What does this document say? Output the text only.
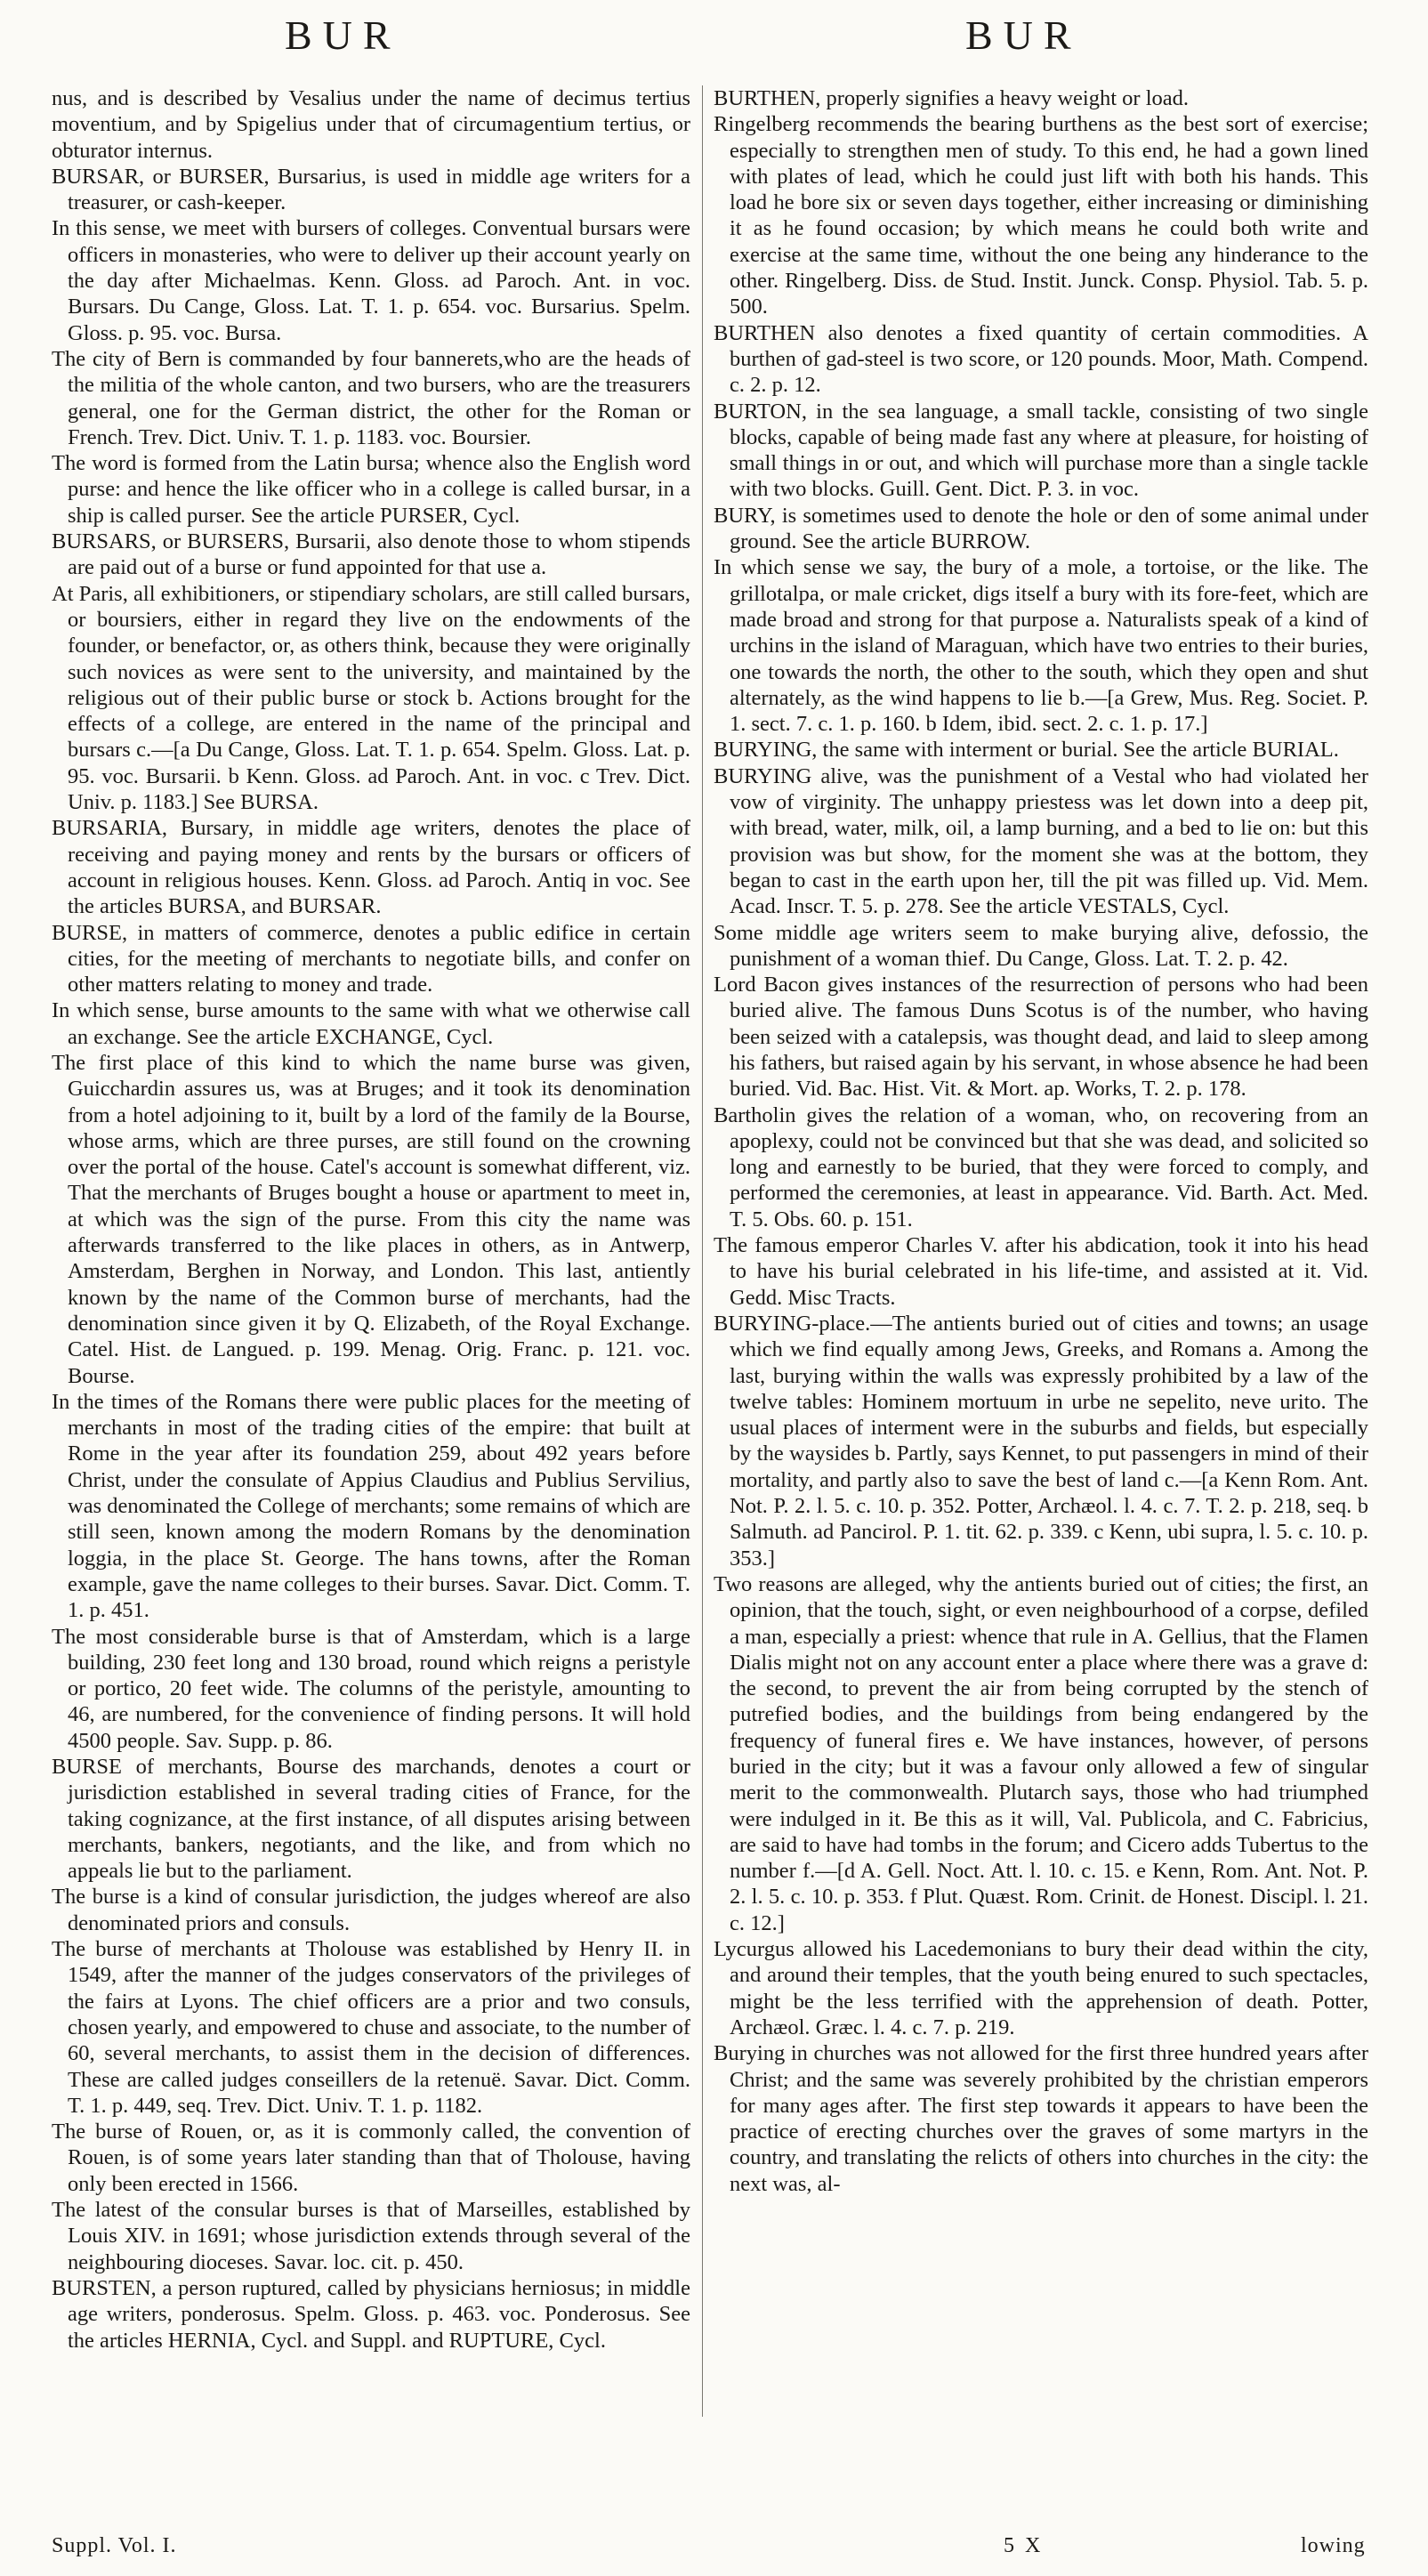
BUR	BUR

nus, and is described by Vesalius under the name of decimus tertius moventium, and by Spigelius under that of circumagentium tertius, or obturator internus.

BURSAR, or BURSER, Bursarius, is used in middle age writers for a treasurer, or cash-keeper.

In this sense, we meet with bursers of colleges. Conventual bursars were officers in monasteries, who were to deliver up their account yearly on the day after Michaelmas. Kenn. Gloss. ad Paroch. Ant. in voc. Bursars. Du Cange, Gloss. Lat. T. 1. p. 654. voc. Bursarius. Spelm. Gloss. p. 95. voc. Bursa.

The city of Bern is commanded by four bannerets,who are the heads of the militia of the whole canton, and two bursers, who are the treasurers general, one for the German district, the other for the Roman or French. Trev. Dict. Univ. T. 1. p. 1183. voc. Boursier.

The word is formed from the Latin bursa; whence also the English word purse: and hence the like officer who in a college is called bursar, in a ship is called purser. See the article PURSER, Cycl.

BURSARS, or BURSERS, Bursarii, also denote those to whom stipends are paid out of a burse or fund appointed for that use a.

At Paris, all exhibitioners, or stipendiary scholars, are still called bursars, or boursiers, either in regard they live on the endowments of the founder, or benefactor, or, as others think, because they were originally such novices as were sent to the university, and maintained by the religious out of their public burse or stock b. Actions brought for the effects of a college, are entered in the name of the principal and bursars c.—[a Du Cange, Gloss. Lat. T. 1. p. 654. Spelm. Gloss. Lat. p. 95. voc. Bursarii. b Kenn. Gloss. ad Paroch. Ant. in voc. c Trev. Dict. Univ. p. 1183.] See BURSA.

BURSARIA, Bursary, in middle age writers, denotes the place of receiving and paying money and rents by the bursars or officers of account in religious houses. Kenn. Gloss. ad Paroch. Antiq in voc. See the articles BURSA, and BURSAR.

BURSE, in matters of commerce, denotes a public edifice in certain cities, for the meeting of merchants to negotiate bills, and confer on other matters relating to money and trade.

In which sense, burse amounts to the same with what we otherwise call an exchange. See the article EXCHANGE, Cycl.

The first place of this kind to which the name burse was given, Guicchardin assures us, was at Bruges; and it took its denomination from a hotel adjoining to it, built by a lord of the family de la Bourse, whose arms, which are three purses, are still found on the crowning over the portal of the house. Catel's account is somewhat different, viz. That the merchants of Bruges bought a house or apartment to meet in, at which was the sign of the purse. From this city the name was afterwards transferred to the like places in others, as in Antwerp, Amsterdam, Berghen in Norway, and London. This last, antiently known by the name of the Common burse of merchants, had the denomination since given it by Q. Elizabeth, of the Royal Exchange. Catel. Hist. de Langued. p. 199. Menag. Orig. Franc. p. 121. voc. Bourse.

In the times of the Romans there were public places for the meeting of merchants in most of the trading cities of the empire: that built at Rome in the year after its foundation 259, about 492 years before Christ, under the consulate of Appius Claudius and Publius Servilius, was denominated the College of merchants; some remains of which are still seen, known among the modern Romans by the denomination loggia, in the place St. George. The hans towns, after the Roman example, gave the name colleges to their burses. Savar. Dict. Comm. T. 1. p. 451.

The most considerable burse is that of Amsterdam, which is a large building, 230 feet long and 130 broad, round which reigns a peristyle or portico, 20 feet wide. The columns of the peristyle, amounting to 46, are numbered, for the convenience of finding persons. It will hold 4500 people. Sav. Supp. p. 86.

BURSE of merchants, Bourse des marchands, denotes a court or jurisdiction established in several trading cities of France, for the taking cognizance, at the first instance, of all disputes arising between merchants, bankers, negotiants, and the like, and from which no appeals lie but to the parliament.

The burse is a kind of consular jurisdiction, the judges whereof are also denominated priors and consuls.

The burse of merchants at Tholouse was established by Henry II. in 1549, after the manner of the judges conservators of the privileges of the fairs at Lyons. The chief officers are a prior and two consuls, chosen yearly, and empowered to chuse and associate, to the number of 60, several merchants, to assist them in the decision of differences. These are called judges conseillers de la retenuë. Savar. Dict. Comm. T. 1. p. 449, seq. Trev. Dict. Univ. T. 1. p. 1182.

The burse of Rouen, or, as it is commonly called, the convention of Rouen, is of some years later standing than that of Tholouse, having only been erected in 1566.

The latest of the consular burses is that of Marseilles, established by Louis XIV. in 1691; whose jurisdiction extends through several of the neighbouring dioceses. Savar. loc. cit. p. 450.

BURSTEN, a person ruptured, called by physicians herniosus; in middle age writers, ponderosus. Spelm. Gloss. p. 463. voc. Ponderosus. See the articles HERNIA, Cycl. and Suppl. and RUPTURE, Cycl.

BURTHEN, properly signifies a heavy weight or load.

Ringelberg recommends the bearing burthens as the best sort of exercise; especially to strengthen men of study. To this end, he had a gown lined with plates of lead, which he could just lift with both his hands. This load he bore six or seven days together, either increasing or diminishing it as he found occasion; by which means he could both write and exercise at the same time, without the one being any hinderance to the other. Ringelberg. Diss. de Stud. Instit. Junck. Consp. Physiol. Tab. 5. p. 500.

BURTHEN also denotes a fixed quantity of certain commodities. A burthen of gad-steel is two score, or 120 pounds. Moor, Math. Compend. c. 2. p. 12.

BURTON, in the sea language, a small tackle, consisting of two single blocks, capable of being made fast any where at pleasure, for hoisting of small things in or out, and which will purchase more than a single tackle with two blocks. Guill. Gent. Dict. P. 3. in voc.

BURY, is sometimes used to denote the hole or den of some animal under ground. See the article BURROW.

In which sense we say, the bury of a mole, a tortoise, or the like. The grillotalpa, or male cricket, digs itself a bury with its fore-feet, which are made broad and strong for that purpose a. Naturalists speak of a kind of urchins in the island of Maraguan, which have two entries to their buries, one towards the north, the other to the south, which they open and shut alternately, as the wind happens to lie b.—[a Grew, Mus. Reg. Societ. P. 1. sect. 7. c. 1. p. 160. b Idem, ibid. sect. 2. c. 1. p. 17.]

BURYING, the same with interment or burial. See the article BURIAL.

BURYING alive, was the punishment of a Vestal who had violated her vow of virginity. The unhappy priestess was let down into a deep pit, with bread, water, milk, oil, a lamp burning, and a bed to lie on: but this provision was but show, for the moment she was at the bottom, they began to cast in the earth upon her, till the pit was filled up. Vid. Mem. Acad. Inscr. T. 5. p. 278. See the article VESTALS, Cycl.

Some middle age writers seem to make burying alive, defossio, the punishment of a woman thief. Du Cange, Gloss. Lat. T. 2. p. 42.

Lord Bacon gives instances of the resurrection of persons who had been buried alive. The famous Duns Scotus is of the number, who having been seized with a catalepsis, was thought dead, and laid to sleep among his fathers, but raised again by his servant, in whose absence he had been buried. Vid. Bac. Hist. Vit. & Mort. ap. Works, T. 2. p. 178.

Bartholin gives the relation of a woman, who, on recovering from an apoplexy, could not be convinced but that she was dead, and solicited so long and earnestly to be buried, that they were forced to comply, and performed the ceremonies, at least in appearance. Vid. Barth. Act. Med. T. 5. Obs. 60. p. 151.

The famous emperor Charles V. after his abdication, took it into his head to have his burial celebrated in his life-time, and assisted at it. Vid. Gedd. Misc Tracts.

BURYING-place.—The antients buried out of cities and towns; an usage which we find equally among Jews, Greeks, and Romans a. Among the last, burying within the walls was expressly prohibited by a law of the twelve tables: Hominem mortuum in urbe ne sepelito, neve urito. The usual places of interment were in the suburbs and fields, but especially by the waysides b. Partly, says Kennet, to put passengers in mind of their mortality, and partly also to save the best of land c.—[a Kenn Rom. Ant. Not. P. 2. l. 5. c. 10. p. 352. Potter, Archæol. l. 4. c. 7. T. 2. p. 218, seq. b Salmuth. ad Pancirol. P. 1. tit. 62. p. 339. c Kenn, ubi supra, l. 5. c. 10. p. 353.]

Two reasons are alleged, why the antients buried out of cities; the first, an opinion, that the touch, sight, or even neighbourhood of a corpse, defiled a man, especially a priest: whence that rule in A. Gellius, that the Flamen Dialis might not on any account enter a place where there was a grave d: the second, to prevent the air from being corrupted by the stench of putrefied bodies, and the buildings from being endangered by the frequency of funeral fires e. We have instances, however, of persons buried in the city; but it was a favour only allowed a few of singular merit to the commonwealth. Plutarch says, those who had triumphed were indulged in it. Be this as it will, Val. Publicola, and C. Fabricius, are said to have had tombs in the forum; and Cicero adds Tubertus to the number f.—[d A. Gell. Noct. Att. l. 10. c. 15. e Kenn, Rom. Ant. Not. P. 2. l. 5. c. 10. p. 353. f Plut. Quæst. Rom. Crinit. de Honest. Discipl. l. 21. c. 12.]

Lycurgus allowed his Lacedemonians to bury their dead within the city, and around their temples, that the youth being enured to such spectacles, might be the less terrified with the apprehension of death. Potter, Archæol. Græc. l. 4. c. 7. p. 219.

Burying in churches was not allowed for the first three hundred years after Christ; and the same was severely prohibited by the christian emperors for many ages after. The first step towards it appears to have been the practice of erecting churches over the graves of some martyrs in the country, and translating the relicts of others into churches in the city: the next was, al-

Suppl. Vol. I.	5 X	lowing
